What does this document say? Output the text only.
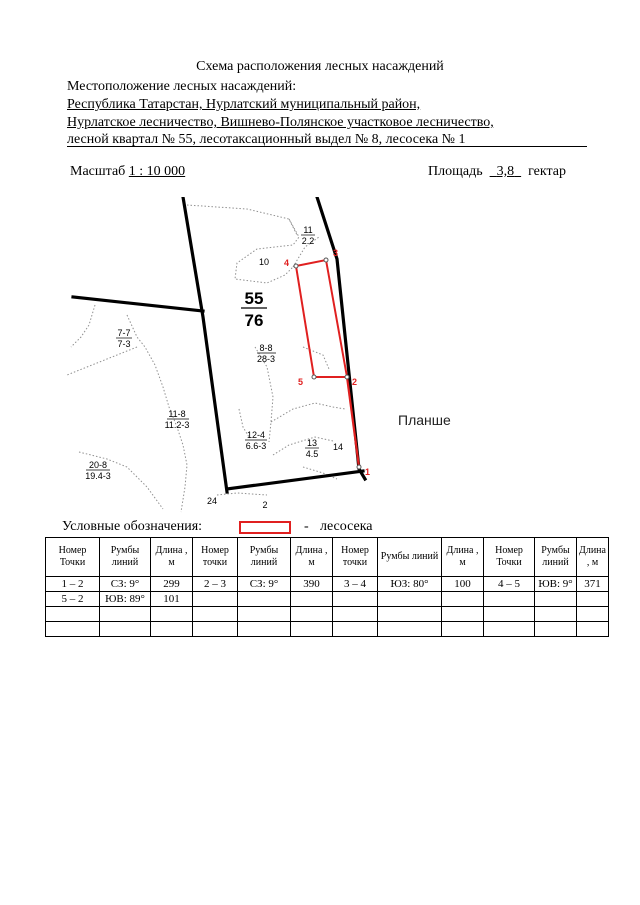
Схема расположения лесных насаждений
Местоположение лесных насаждений:
Республика Татарстан, Нурлатский муниципальный район,
Нурлатское лесничество, Вишнево-Полянское участковое лесничество,
лесной квартал № 55, лесотаксационный выдел № 8, лесосека № 1
Масштаб 1 : 10 000	Площадь 3,8 гектар
1
2
3
4
5
55
76
11
2.2
10
7-7
7-3	8-8
28-3
11-8
11.2-3
12-4
6.6-3	13
4.5
14
20-8
19.4-3
24	2
Планше
Условные обозначения:	- лесосека
Номер Точки	Румбы линий	Длина , м	Номер точки	Румбы линий	Длина , м	Номер точки	Румбы линий	Длина , м	Номер Точки	Румбы линий	Длина , м
1 – 2	СЗ: 9°	299	2 – 3	СЗ: 9°	390	3 – 4	ЮЗ: 80°	100	4 – 5	ЮВ: 9°	371
5 – 2	ЮВ: 89°	101									
